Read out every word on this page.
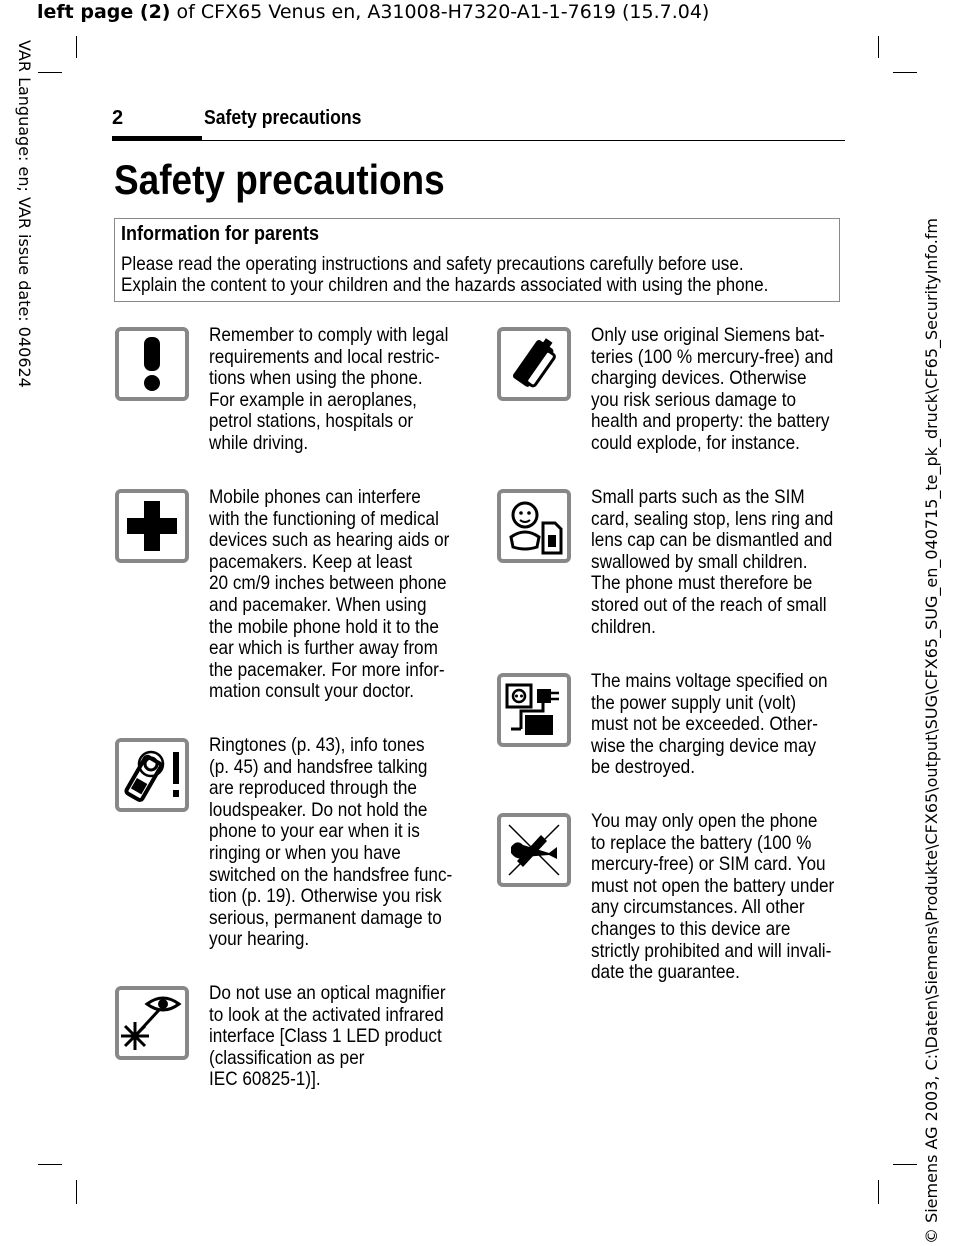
left page (2) of CFX65 Venus en, A31008-H7320-A1-1-7619 (15.7.04)
VAR Language: en; VAR issue date: 040624
© Siemens AG 2003, C:\Daten\Siemens\Produkte\CFX65\output\SUG\CFX65_SUG_en_040715_te_pk_druck\CF65_SecurityInfo.fm
2	Safety precautions
Safety precautions
Information for parents
Please read the operating instructions and safety precautions carefully before use.
Explain the content to your children and the hazards associated with using the phone.
Remember to comply with legal
requirements and local restric-
tions when using the phone.
For example in aeroplanes,
petrol stations, hospitals or
while driving.
Mobile phones can interfere
with the functioning of medical
devices such as hearing aids or
pacemakers. Keep at least
20 cm/9 inches between phone
and pacemaker. When using
the mobile phone hold it to the
ear which is further away from
the pacemaker. For more infor-
mation consult your doctor.
Ringtones (p. 43), info tones
(p. 45) and handsfree talking
are reproduced through the
loudspeaker. Do not hold the
phone to your ear when it is
ringing or when you have
switched on the handsfree func-
tion (p. 19). Otherwise you risk
serious, permanent damage to
your hearing.
Do not use an optical magnifier
to look at the activated infrared
interface [Class 1 LED product
(classification as per
IEC 60825-1)].
Only use original Siemens bat-
teries (100 % mercury-free) and
charging devices. Otherwise
you risk serious damage to
health and property: the battery
could explode, for instance.
Small parts such as the SIM
card, sealing stop, lens ring and
lens cap can be dismantled and
swallowed by small children.
The phone must therefore be
stored out of the reach of small
children.
The mains voltage specified on
the power supply unit (volt)
must not be exceeded. Other-
wise the charging device may
be destroyed.
You may only open the phone
to replace the battery (100 %
mercury-free) or SIM card. You
must not open the battery under
any circumstances. All other
changes to this device are
strictly prohibited and will invali-
date the guarantee.
